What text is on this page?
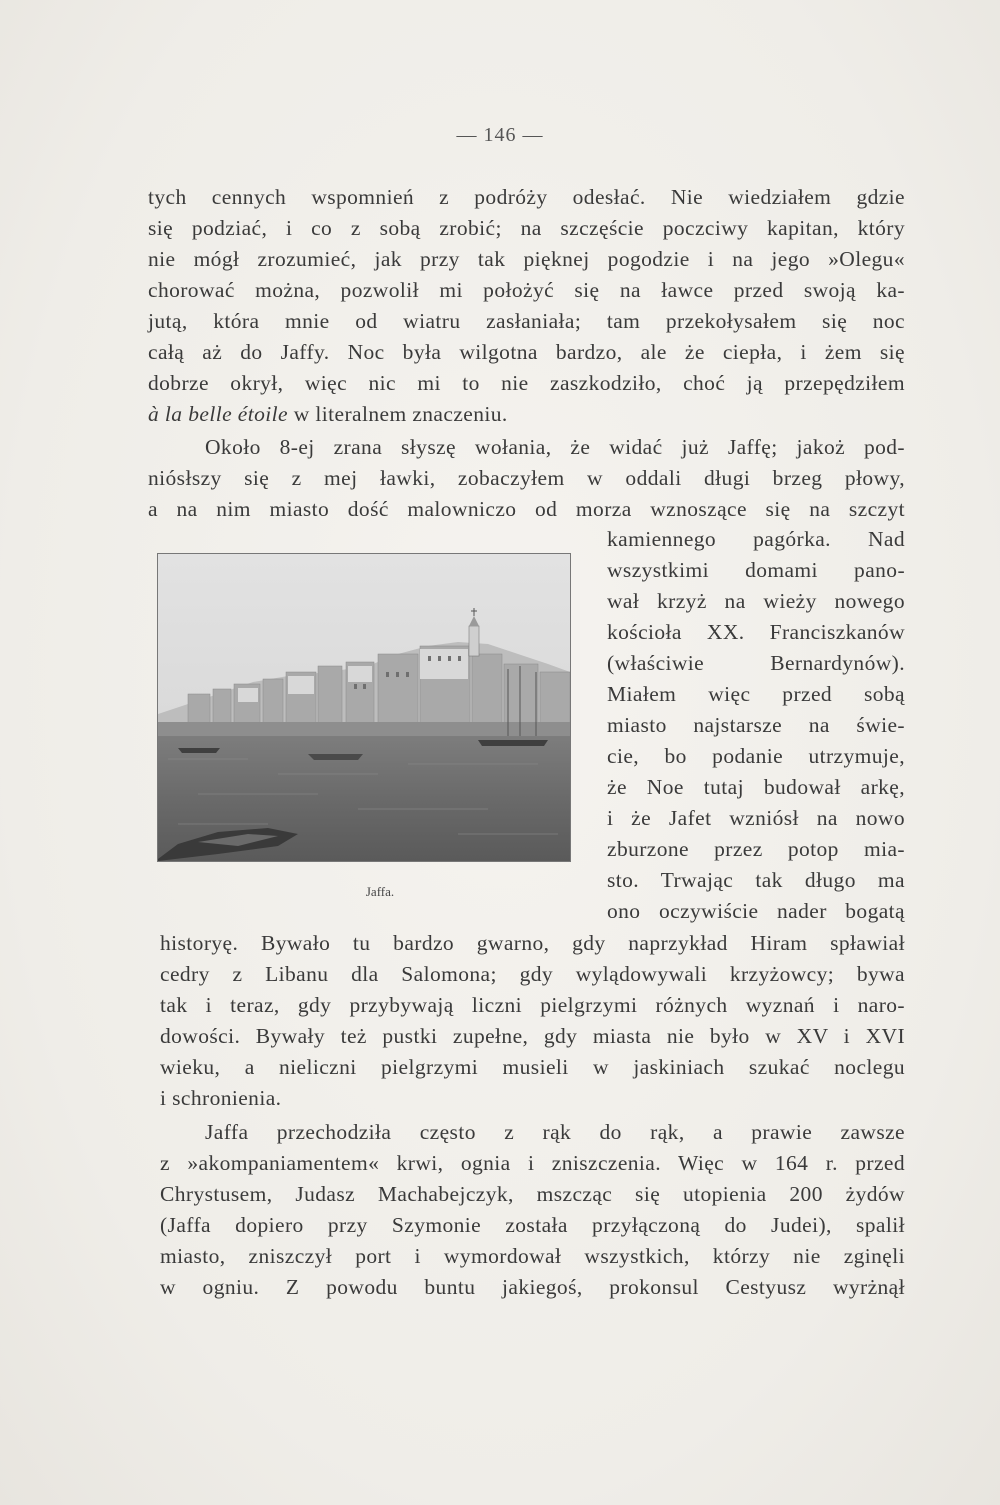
— 146 —
tych cennych wspomnień z podróży odesłać. Nie wiedziałem gdzie
się podziać, i co z sobą zrobić; na szczęście poczciwy kapitan, który
nie mógł zrozumieć, jak przy tak pięknej pogodzie i na jego »Olegu«
chorować można, pozwolił mi położyć się na ławce przed swoją ka-
jutą, która mnie od wiatru zasłaniała; tam przekołysałem się noc
całą aż do Jaffy. Noc była wilgotna bardzo, ale że ciepła, i żem się
dobrze okrył, więc nic mi to nie zaszkodziło, choć ją przepędziłem
à la belle étoile w literalnem znaczeniu.
Około 8-ej zrana słyszę wołania, że widać już Jaffę; jakoż pod-
niósłszy się z mej ławki, zobaczyłem w oddali długi brzeg płowy,
a na nim miasto dość malowniczo od morza wznoszące się na szczyt
kamiennego pagórka. Nad
wszystkimi domami pano-
wał krzyż na wieży nowego
kościoła XX. Franciszkanów
(właściwie Bernardynów).
Miałem więc przed sobą
miasto najstarsze na świe-
cie, bo podanie utrzymuje,
że Noe tutaj budował arkę,
i że Jafet wzniósł na nowo
zburzone przez potop mia-
sto. Trwając tak długo ma
ono oczywiście nader bogatą
Jaffa.
historyę. Bywało tu bardzo gwarno, gdy naprzykład Hiram spławiał
cedry z Libanu dla Salomona; gdy wylądowywali krzyżowcy; bywa
tak i teraz, gdy przybywają liczni pielgrzymi różnych wyznań i naro-
dowości. Bywały też pustki zupełne, gdy miasta nie było w XV i XVI
wieku, a nieliczni pielgrzymi musieli w jaskiniach szukać noclegu
i schronienia.
Jaffa przechodziła często z rąk do rąk, a prawie zawsze
z »akompaniamentem« krwi, ognia i zniszczenia. Więc w 164 r. przed
Chrystusem, Judasz Machabejczyk, mszcząc się utopienia 200 żydów
(Jaffa dopiero przy Szymonie została przyłączoną do Judei), spalił
miasto, zniszczył port i wymordował wszystkich, którzy nie zginęli
w ogniu. Z powodu buntu jakiegoś, prokonsul Cestyusz wyrżnął
